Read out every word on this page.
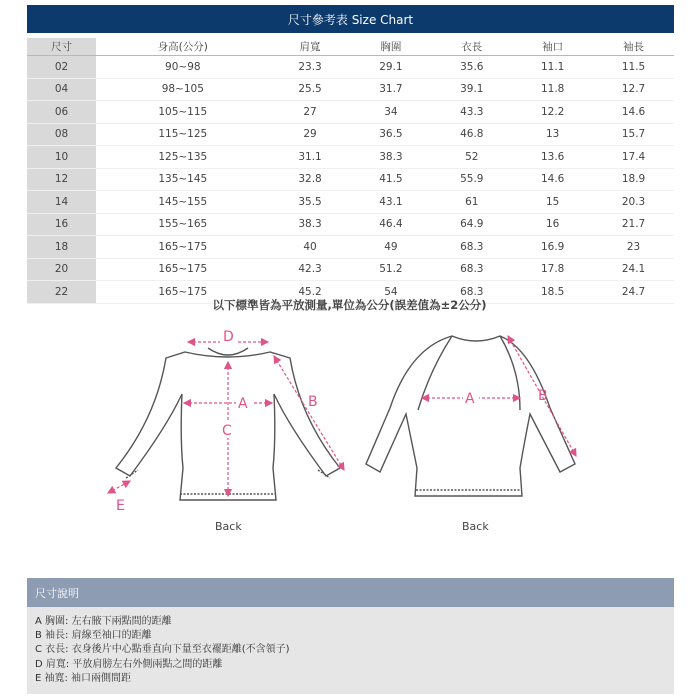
尺寸參考表 Size Chart
尺寸	身高(公分)	肩寬	胸圍	衣長	袖口	袖長
02	90~98	23.3	29.1	35.6	11.1	11.5
04	98~105	25.5	31.7	39.1	11.8	12.7
06	105~115	27	34	43.3	12.2	14.6
08	115~125	29	36.5	46.8	13	15.7
10	125~135	31.1	38.3	52	13.6	17.4
12	135~145	32.8	41.5	55.9	14.6	18.9
14	145~155	35.5	43.1	61	15	20.3
16	155~165	38.3	46.4	64.9	16	21.7
18	165~175	40	49	68.3	16.9	23
20	165~175	42.3	51.2	68.3	17.8	24.1
22	165~175	45.2	54	68.3	18.5	24.7
以下標準皆為平放測量,單位為公分(誤差值為±2公分)
D
A
C
B
E
Back
A	B
Back
尺寸說明
A 胸圍: 左右腋下兩點間的距離
B 袖長: 肩線至袖口的距離
C 衣長: 衣身後片中心點垂直向下量至衣襬距離(不含領子)
D 肩寬: 平放肩膀左右外側兩點之間的距離
E 袖寬: 袖口兩側間距
